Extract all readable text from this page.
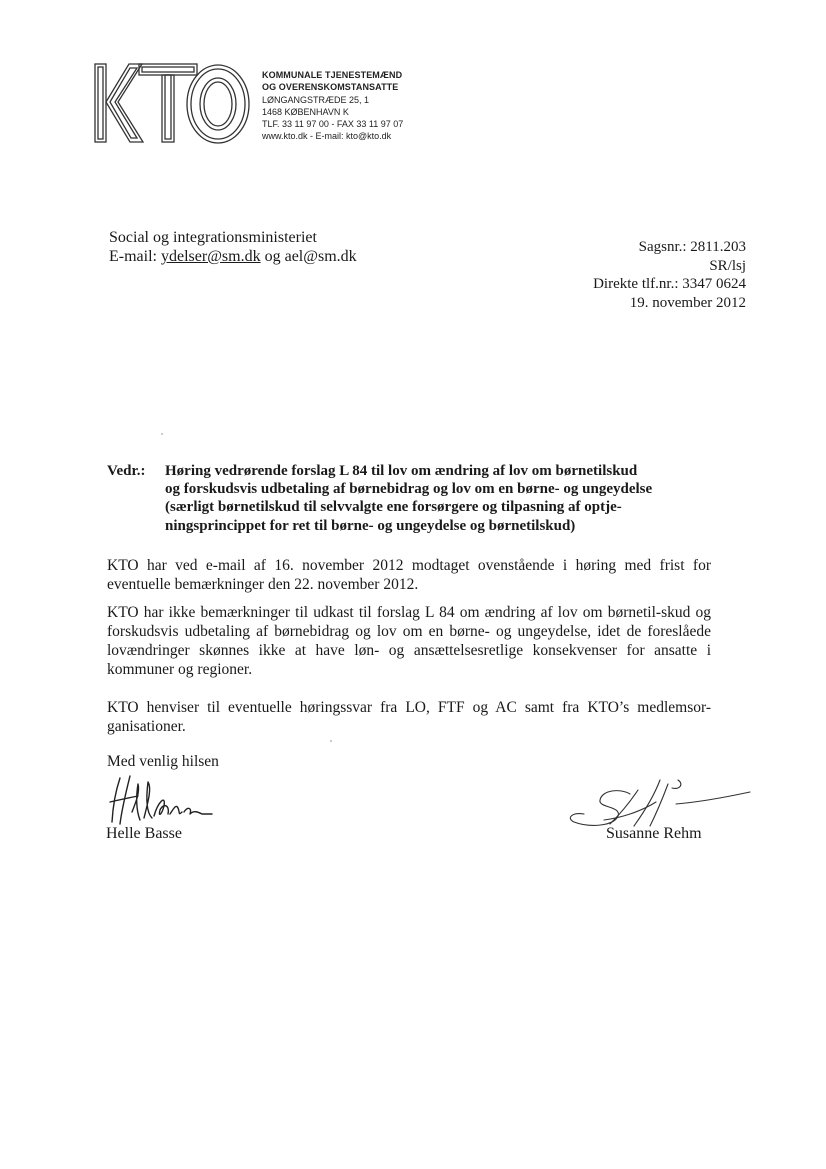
KOMMUNALE TJENESTEMÆND
OG OVERENSKOMSTANSATTE
LØNGANGSTRÆDE 25, 1
1468 KØBENHAVN K
TLF. 33 11 97 00 - FAX 33 11 97 07
www.kto.dk - E-mail: kto@kto.dk
Social og integrationsministeriet
E-mail: ydelser@sm.dk og ael@sm.dk
Sagsnr.: 2811.203
SR/lsj
Direkte tlf.nr.: 3347 0624
19. november 2012
Vedr.: Høring vedrørende forslag L 84 til lov om ændring af lov om børnetilskud
og forskudsvis udbetaling af børnebidrag og lov om en børne- og ungeydelse
(særligt børnetilskud til selvvalgte ene forsørgere og tilpasning af optje-
ningsprincippet for ret til børne- og ungeydelse og børnetilskud)
KTO har ved e-mail af 16. november 2012 modtaget ovenstående i høring med frist for eventuelle bemærkninger den 22. november 2012.
KTO har ikke bemærkninger til udkast til forslag L 84 om ændring af lov om børnetil-skud og forskudsvis udbetaling af børnebidrag og lov om en børne- og ungeydelse, idet de foreslåede lovændringer skønnes ikke at have løn- og ansættelsesretlige konsekvenser for ansatte i kommuner og regioner.
KTO henviser til eventuelle høringssvar fra LO, FTF og AC samt fra KTO’s medlemsor-ganisationer.
Med venlig hilsen
Helle Basse	Susanne Rehm
